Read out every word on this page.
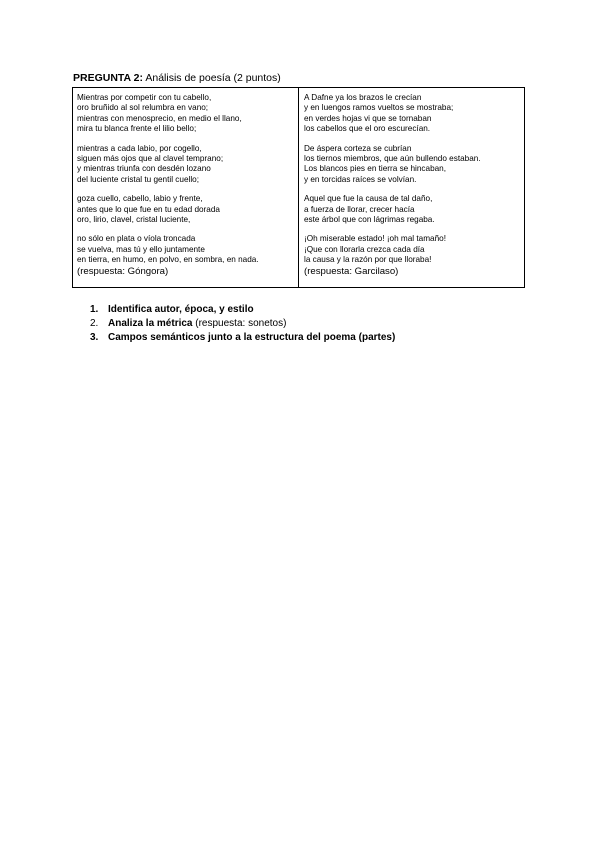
PREGUNTA 2: Análisis de poesía (2 puntos)
Mientras por competir con tu cabello,
oro bruñido al sol relumbra en vano;
mientras con menosprecio, en medio el llano,
mira tu blanca frente el lilio bello;
mientras a cada labio, por cogello,
siguen más ojos que al clavel temprano;
y mientras triunfa con desdén lozano
del luciente cristal tu gentil cuello;
goza cuello, cabello, labio y frente,
antes que lo que fue en tu edad dorada
oro, lirio, clavel, cristal luciente,
no sólo en plata o víola troncada
se vuelva, mas tú y ello juntamente
en tierra, en humo, en polvo, en sombra, en nada.
(respuesta: Góngora)
A Dafne ya los brazos le crecían
y en luengos ramos vueltos se mostraba;
en verdes hojas vi que se tornaban
los cabellos que el oro escurecían.
De áspera corteza se cubrían
los tiernos miembros, que aún bullendo estaban.
Los blancos pies en tierra se hincaban,
y en torcidas raíces se volvían.
Aquel que fue la causa de tal daño,
a fuerza de llorar, crecer hacía
este árbol que con lágrimas regaba.
¡Oh miserable estado! ¡oh mal tamaño!
¡Que con llorarla crezca cada día
la causa y la razón por que lloraba!
(respuesta: Garcilaso)
1. Identifica autor, época, y estilo
2. Analiza la métrica (respuesta: sonetos)
3. Campos semánticos junto a la estructura del poema (partes)
